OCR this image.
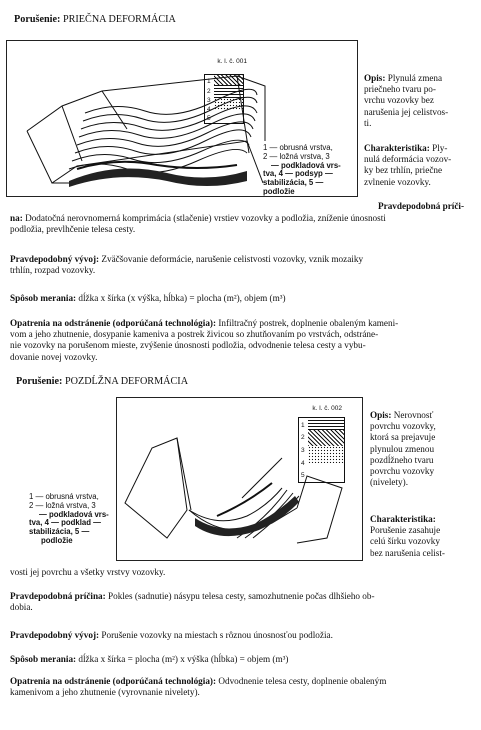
Porušenie: PRIEČNA DEFORMÁCIA
k. l. č. 001
1
2
3
4
5
1 — obrusná vrstva,
2 — ložná vrstva, 3
— podkladová vrs-
tva, 4 — podsyp —
stabilizácia, 5 —
podložie
Opis: Plynulá zmena
priečneho tvaru po-
vrchu vozovky bez
narušenia jej celistvos-
ti.
Charakteristika: Ply-
nulá deformácia vozov-
ky bez trhlín, priečne
zvlnenie vozovky.
Pravdepodobná príči-
na: Dodatočná nerovnomerná komprimácia (stlačenie) vrstiev vozovky a podložia, zníženie únosnosti
podložia, prevlhčenie telesa cesty.
Pravdepodobný vývoj: Zväčšovanie deformácie, narušenie celistvosti vozovky, vznik mozaiky
trhlín, rozpad vozovky.
Spôsob merania: dĺžka x šírka (x výška, hĺbka) = plocha (m²), objem (m³)
Opatrenia na odstránenie (odporúčaná technológia): Infiltračný postrek, doplnenie obaleným kameni-
vom a jeho zhutnenie, dosypanie kameniva a postrek živicou so zhutňovaním po vrstvách, odstráne-
nie vozovky na porušenom mieste, zvýšenie únosnosti podložia, odvodnenie telesa cesty a vybu-
dovanie novej vozovky.
Porušenie: POZDĹŽNA DEFORMÁCIA
k. l. č. 002
1
2
3
4
5
1 — obrusná vrstva,
2 — ložná vrstva, 3
— podkladová vrs-
tva, 4 — podklad —
stabilizácia, 5 —
podložie
Opis: Nerovnosť
povrchu vozovky,
ktorá sa prejavuje
plynulou zmenou
pozdĺžneho tvaru
povrchu vozovky
(nivelety).
Charakteristika:
Porušenie zasahuje
celú šírku vozovky
bez narušenia celist-
vosti jej povrchu a všetky vrstvy vozovky.
Pravdepodobná príčina: Pokles (sadnutie) násypu telesa cesty, samozhutnenie počas dlhšieho ob-
dobia.
Pravdepodobný vývoj: Porušenie vozovky na miestach s rôznou únosnosťou podložia.
Spôsob merania: dĺžka x šírka = plocha (m²) x výška (hĺbka) = objem (m³)
Opatrenia na odstránenie (odporúčaná technológia): Odvodnenie telesa cesty, doplnenie obaleným
kamenivom a jeho zhutnenie (vyrovnanie nivelety).
